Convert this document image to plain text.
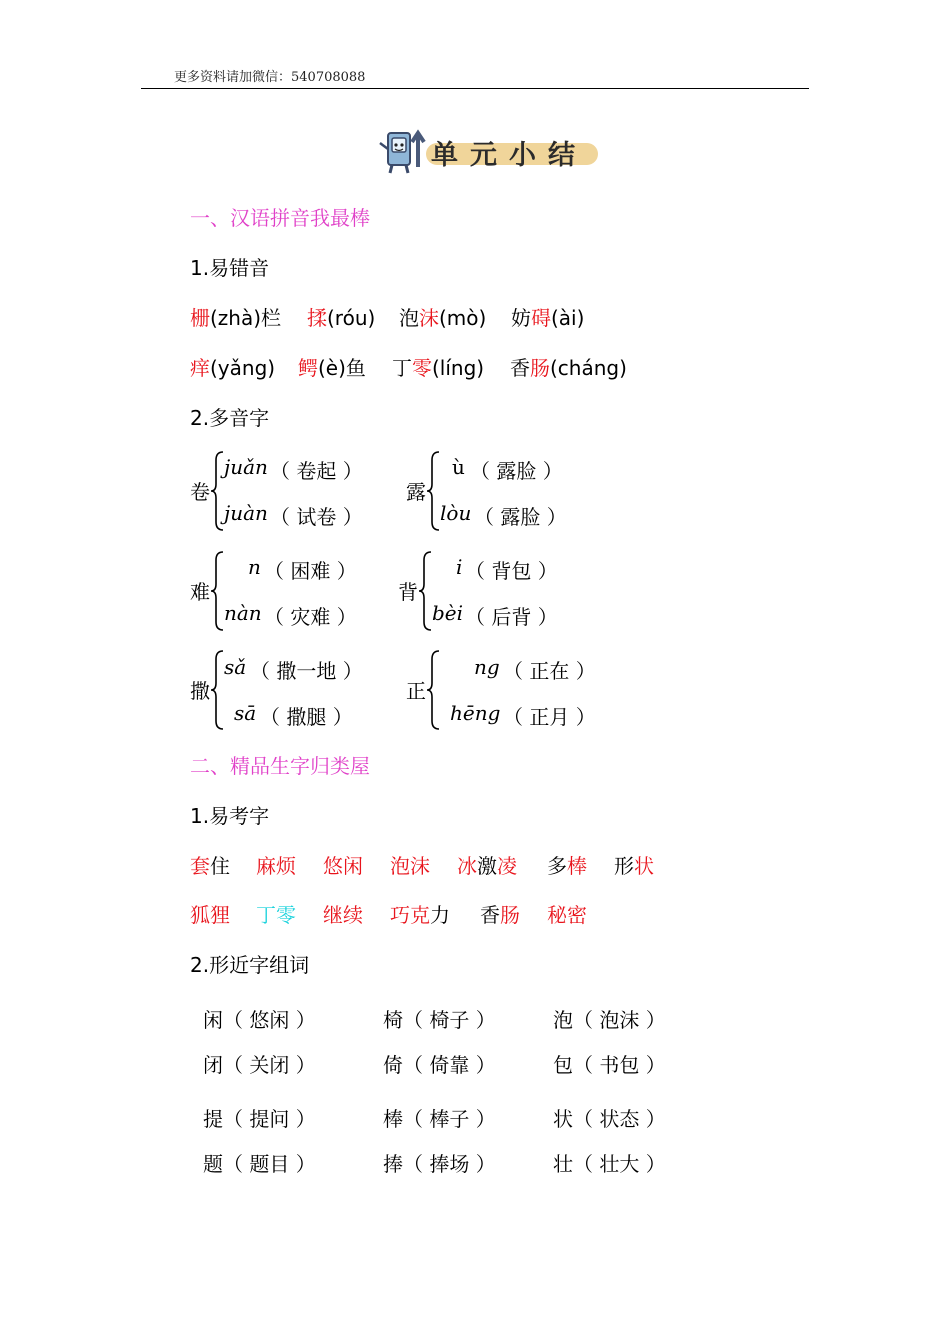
更多资料请加微信：540708088
单元小结
一、汉语拼音我最棒
1.易错音
栅(zhà)栏 揉(róu) 泡沫(mò) 妨碍(ài)
痒(yǎng) 鳄(è)鱼 丁零(líng) 香肠(cháng)
2.多音字
卷
juǎn （ 卷起 ）
juàn （ 试卷 ）
露
ù （ 露脸 ）
lòu （ 露脸 ）
难
n （ 困难 ）
nàn （ 灾难 ）
背
i （ 背包 ）
bèi （ 后背 ）
撒
sǎ （ 撒一地 ）
sā （ 撒腿 ）
正
ng （ 正在 ）
hēng （ 正月 ）
二、精品生字归类屋
1.易考字
套住 麻烦 悠闲 泡沫 冰激凌 多棒 形状
狐狸 丁零 继续 巧克力 香肠 秘密
2.形近字组词
闲（ 悠闲 ）	椅（ 椅子 ）	泡（ 泡沫 ）
闭（ 关闭 ）	倚（ 倚靠 ）	包（ 书包 ）
提（ 提问 ）	棒（ 棒子 ）	状（ 状态 ）
题（ 题目 ）	捧（ 捧场 ）	壮（ 壮大 ）
